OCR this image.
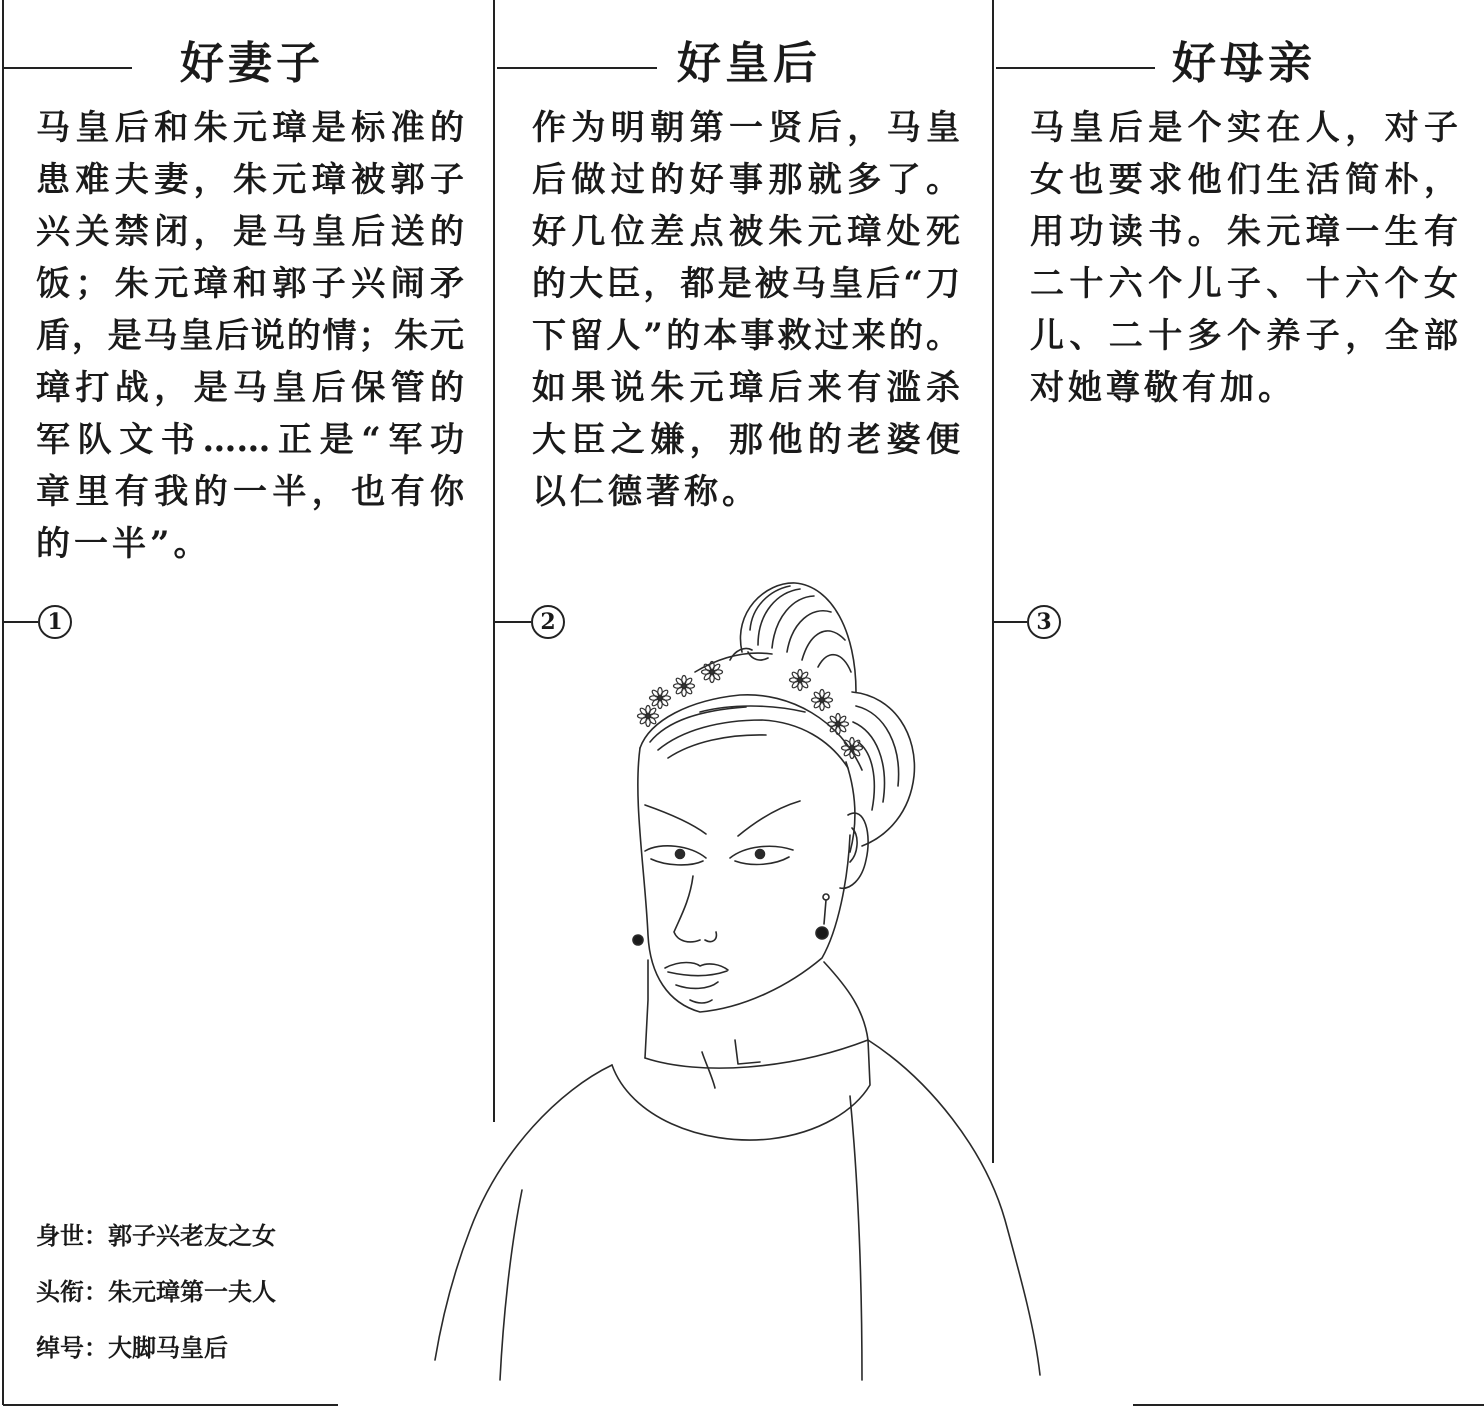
好妻子
马皇后和朱元璋是标准的
患难夫妻，朱元璋被郭子
兴关禁闭，是马皇后送的
饭；朱元璋和郭子兴闹矛
盾，是马皇后说的情；朱元
璋打战，是马皇后保管的
军队文书……正是“军功
章里有我的一半，也有你
的一半”。
1
好皇后
作为明朝第一贤后，马皇
后做过的好事那就多了。
好几位差点被朱元璋处死
的大臣，都是被马皇后“刀
下留人”的本事救过来的。
如果说朱元璋后来有滥杀
大臣之嫌，那他的老婆便
以仁德著称。
2
好母亲
马皇后是个实在人，对子
女也要求他们生活简朴，
用功读书。朱元璋一生有
二十六个儿子、十六个女
儿、二十多个养子，全部
对她尊敬有加。
3
身世：郭子兴老友之女
头衔：朱元璋第一夫人
绰号：大脚马皇后
